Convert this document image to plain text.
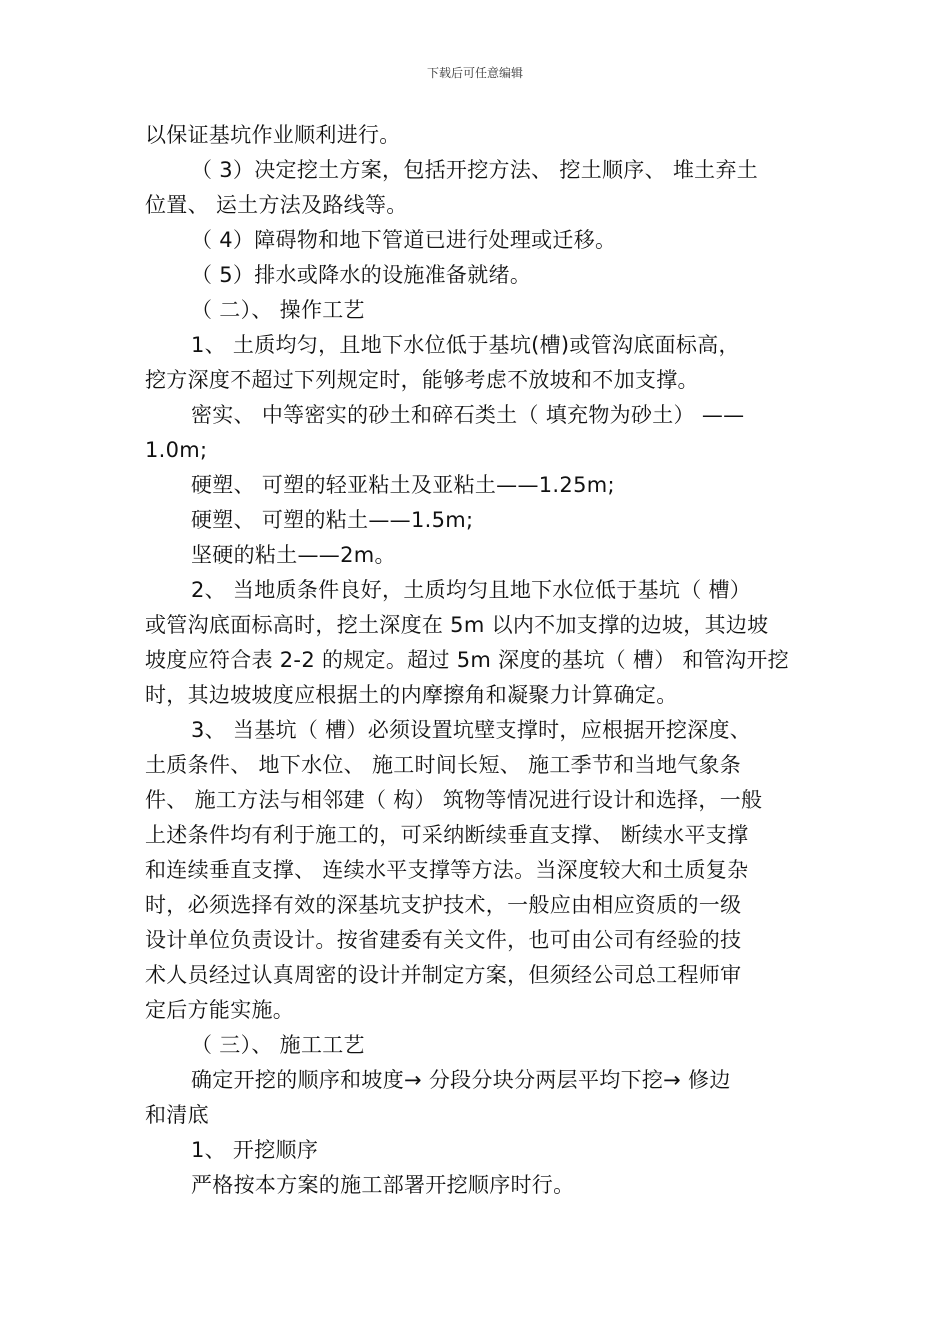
下载后可任意编辑

以保证基坑作业顺利进行。

（ 3）决定挖土方案，包括开挖方法、 挖土顺序、 堆土弃土

位置、 运土方法及路线等。

（ 4）障碍物和地下管道已进行处理或迁移。

（ 5）排水或降水的设施准备就绪。

（ 二）、 操作工艺

1、 土质均匀，且地下水位低于基坑(槽)或管沟底面标高，

挖方深度不超过下列规定时，能够考虑不放坡和不加支撑。

密实、 中等密实的砂土和碎石类土（ 填充物为砂土） ——

1.0m;

硬塑、 可塑的轻亚粘土及亚粘土——1.25m;

硬塑、 可塑的粘土——1.5m;

坚硬的粘土——2m。

2、 当地质条件良好，土质均匀且地下水位低于基坑（ 槽）

或管沟底面标高时，挖土深度在 5m 以内不加支撑的边坡，其边坡

坡度应符合表 2-2 的规定。超过 5m 深度的基坑（ 槽） 和管沟开挖

时，其边坡坡度应根据土的内摩擦角和凝聚力计算确定。

3、 当基坑（ 槽）必须设置坑壁支撑时，应根据开挖深度、

土质条件、 地下水位、 施工时间长短、 施工季节和当地气象条

件、 施工方法与相邻建（ 构） 筑物等情况进行设计和选择，一般

上述条件均有利于施工的，可采纳断续垂直支撑、 断续水平支撑

和连续垂直支撑、 连续水平支撑等方法。当深度较大和土质复杂

时，必须选择有效的深基坑支护技术，一般应由相应资质的一级

设计单位负责设计。按省建委有关文件，也可由公司有经验的技

术人员经过认真周密的设计并制定方案，但须经公司总工程师审

定后方能实施。

（ 三）、 施工工艺

确定开挖的顺序和坡度→ 分段分块分两层平均下挖→ 修边

和清底

1、 开挖顺序

严格按本方案的施工部署开挖顺序时行。
